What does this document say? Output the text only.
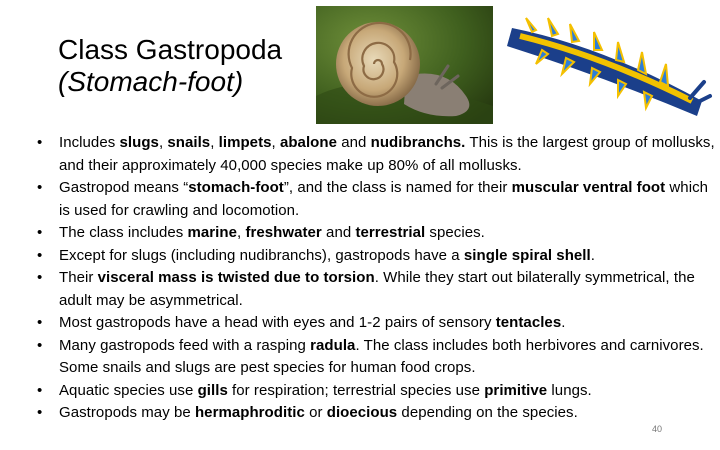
Class Gastropoda
(Stomach-foot)
• Includes slugs, snails, limpets, abalone and nudibranchs. This is the largest group of mollusks, and their approximately 40,000 species make up 80% of all mollusks.
• Gastropod means “stomach-foot”, and the class is named for their muscular ventral foot which is used for crawling and locomotion.
• The class includes marine, freshwater and terrestrial species.
• Except for slugs (including nudibranchs), gastropods have a single spiral shell.
• Their visceral mass is twisted due to torsion. While they start out bilaterally symmetrical, the adult may be asymmetrical.
• Most gastropods have a head with eyes and 1-2 pairs of sensory tentacles.
• Many gastropods feed with a rasping radula. The class includes both herbivores and carnivores. Some snails and slugs are pest species for human food crops.
• Aquatic species use gills for respiration; terrestrial species use primitive lungs.
• Gastropods may be hermaphroditic or dioecious depending on the species.
40
